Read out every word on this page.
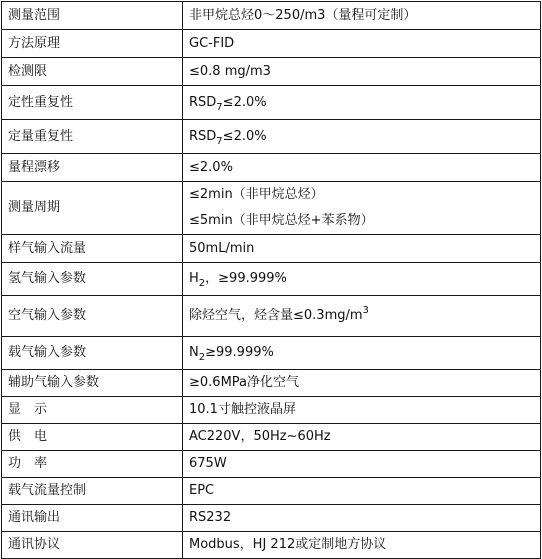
测量范围	非甲烷总烃0～250/m3（量程可定制）
方法原理	GC-FID
检测限	≤0.8 mg/m3
定性重复性	$RSD_7\le 2.0\%$
定量重复性	$RSD_7\le 2.0\%$
量程漂移	≤2.0%
测量周期	≤2min（非甲烷总烃）
≤5min（非甲烷总烃+苯系物）

样气输入流量	50mL/min
氢气输入参数	$H_2$，≥99.999%
空气输入参数	除烃空气，烃含量$\le 0.3mg/m^3$
载气输入参数	$N_2\ge 99.999\%$
辅助气输入参数	≥0.6MPa净化空气
显　示	10.1寸触控液晶屏
供　电	AC220V，50Hz~60Hz
功　率	675W
载气流量控制	EPC
通讯输出	RS232
通讯协议	Modbus，HJ 212或定制地方协议
